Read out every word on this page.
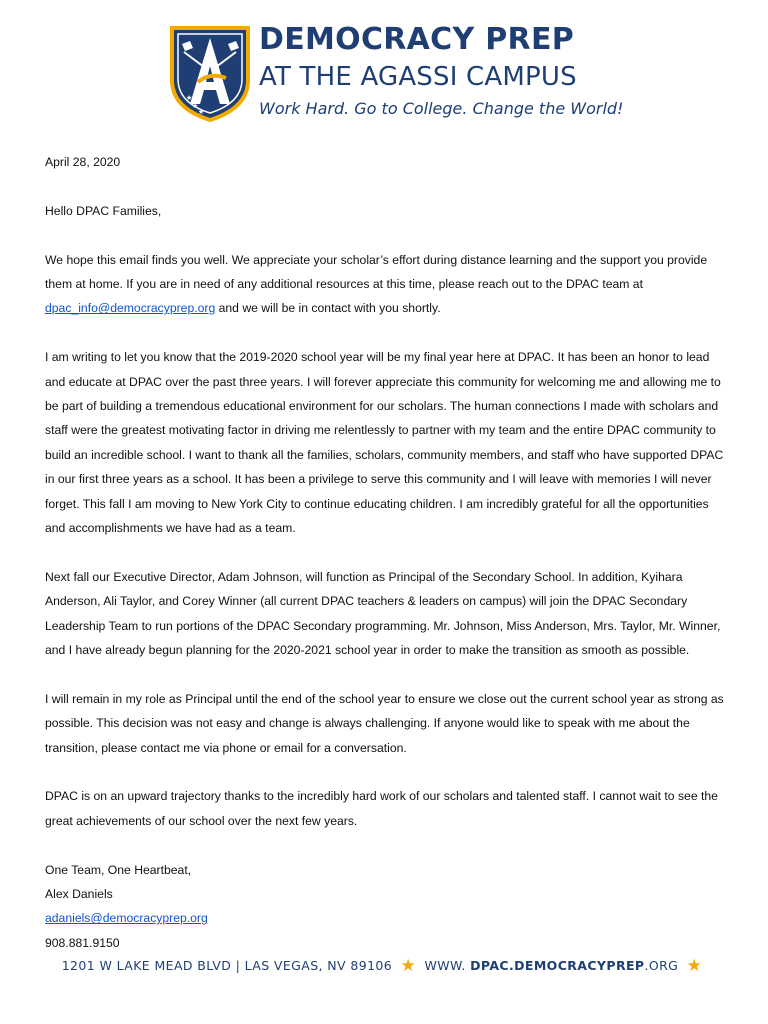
★
★
★
DEMOCRACY PREP
AT THE AGASSI CAMPUS
Work Hard. Go to College. Change the World!

April 28, 2020

Hello DPAC Families,

We hope this email finds you well. We appreciate your scholar’s effort during distance learning and the support you provide them at home. If you are in need of any additional resources at this time, please reach out to the DPAC team at dpac_info@democracyprep.org and we will be in contact with you shortly.

I am writing to let you know that the 2019-2020 school year will be my final year here at DPAC. It has been an honor to lead and educate at DPAC over the past three years. I will forever appreciate this community for welcoming me and allowing me to be part of building a tremendous educational environment for our scholars. The human connections I made with scholars and staff were the greatest motivating factor in driving me relentlessly to partner with my team and the entire DPAC community to build an incredible school. I want to thank all the families, scholars, community members, and staff who have supported DPAC in our first three years as a school. It has been a privilege to serve this community and I will leave with memories I will never forget. This fall I am moving to New York City to continue educating children. I am incredibly grateful for all the opportunities and accomplishments we have had as a team.

Next fall our Executive Director, Adam Johnson, will function as Principal of the Secondary School. In addition, Kyihara Anderson, Ali Taylor, and Corey Winner (all current DPAC teachers & leaders on campus) will join the DPAC Secondary Leadership Team to run portions of the DPAC Secondary programming. Mr. Johnson, Miss Anderson, Mrs. Taylor, Mr. Winner, and I have already begun planning for the 2020-2021 school year in order to make the transition as smooth as possible.

I will remain in my role as Principal until the end of the school year to ensure we close out the current school year as strong as possible. This decision was not easy and change is always challenging. If anyone would like to speak with me about the transition, please contact me via phone or email for a conversation.

DPAC is on an upward trajectory thanks to the incredibly hard work of our scholars and talented staff. I cannot wait to see the great achievements of our school over the next few years.

One Team, One Heartbeat,

Alex Daniels

adaniels@democracyprep.org

908.881.9150

1201 W LAKE MEAD BLVD | LAS VEGAS, NV 89106 ★ WWW. DPAC.DEMOCRACYPREP.ORG ★
